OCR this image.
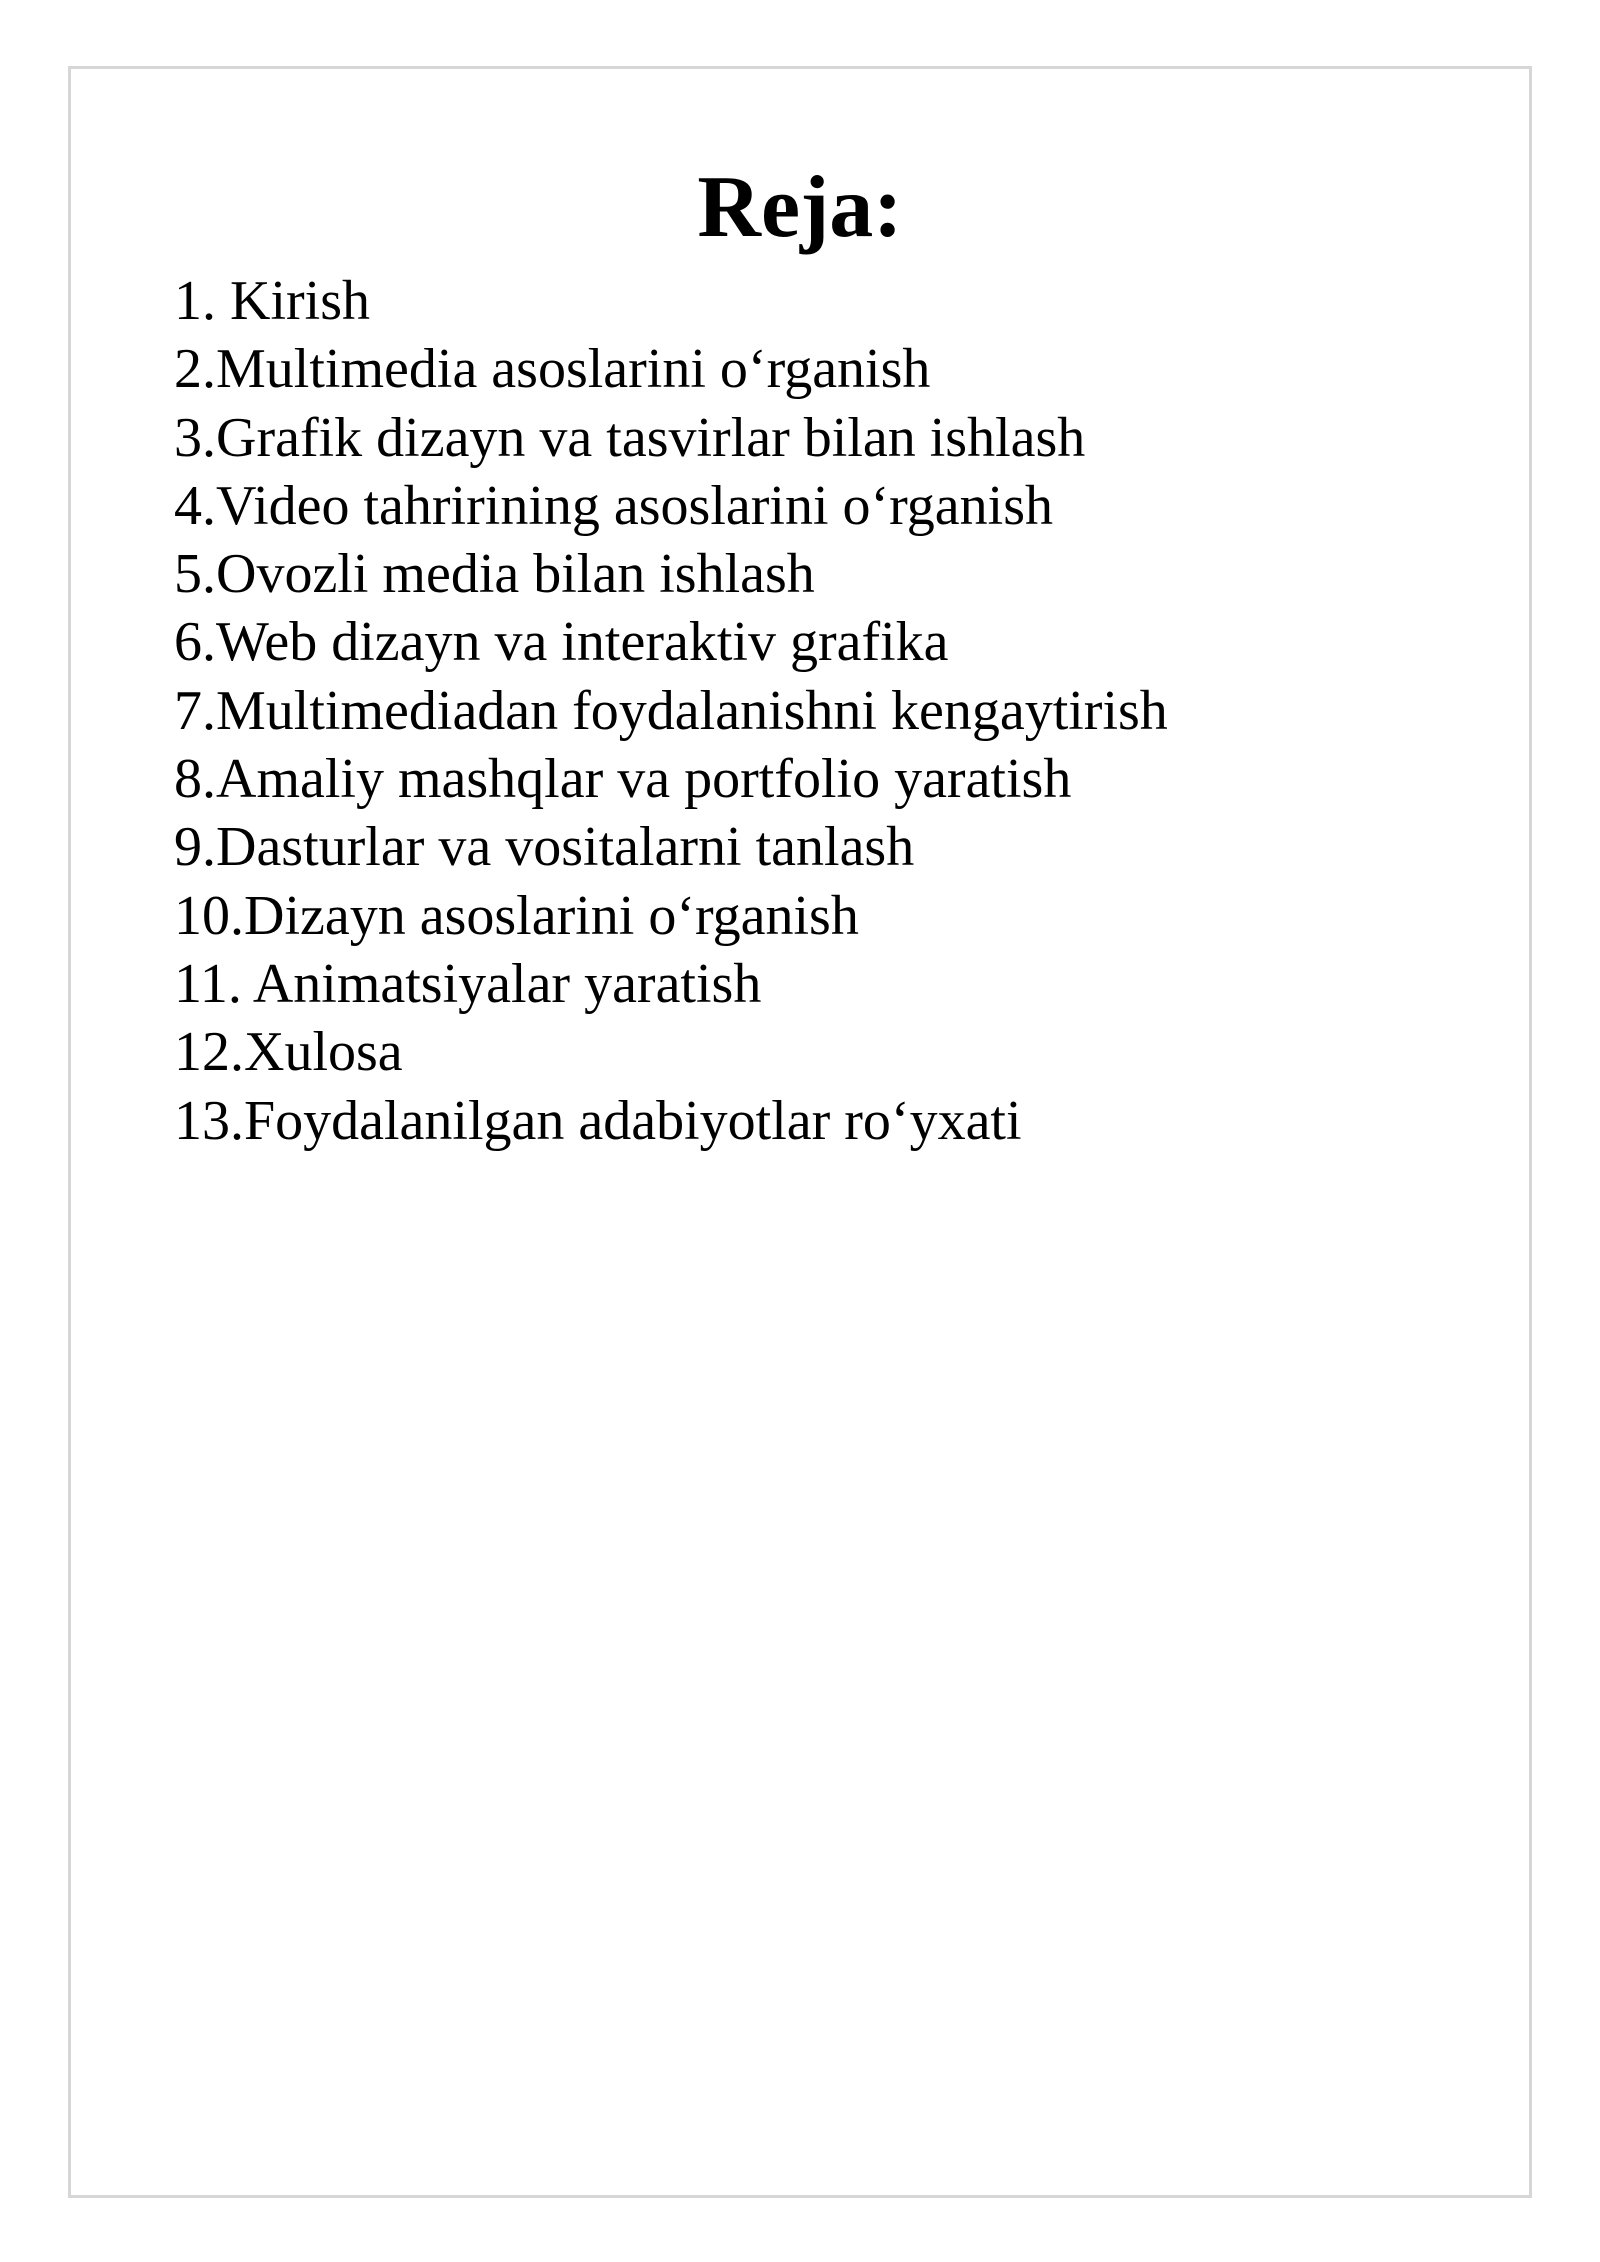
Reja:
1. Kirish
2.Multimedia asoslarini o‘rganish
3.Grafik dizayn va tasvirlar bilan ishlash
4.Video tahririning asoslarini o‘rganish
5.Ovozli media bilan ishlash
6.Web dizayn va interaktiv grafika
7.Multimediadan foydalanishni kengaytirish
8.Amaliy mashqlar va portfolio yaratish
9.Dasturlar va vositalarni tanlash
10.Dizayn asoslarini o‘rganish
11. Animatsiyalar yaratish
12.Xulosa
13.Foydalanilgan adabiyotlar ro‘yxati
